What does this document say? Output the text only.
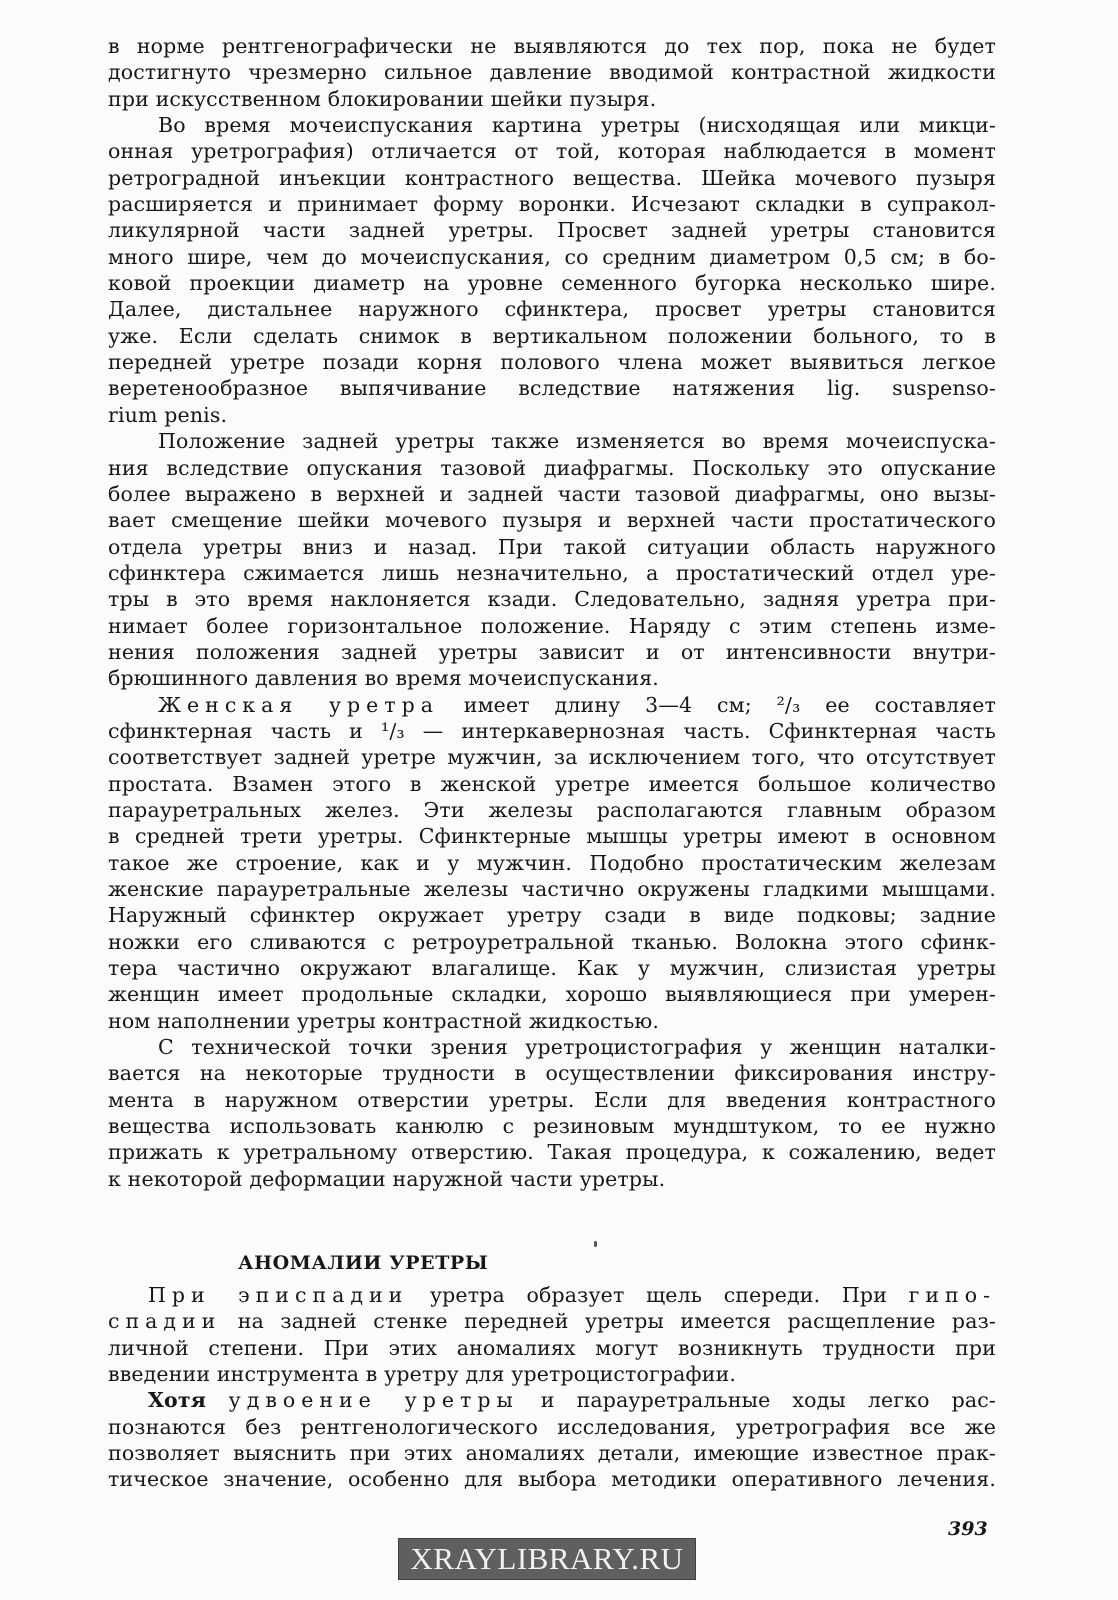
в норме рентгенографически не выявляются до тех пор, пока не будет
достигнуто чрезмерно сильное давление вводимой контрастной жидкости
при искусственном блокировании шейки пузыря.
Во время мочеиспускания картина уретры (нисходящая или микци-
онная уретрография) отличается от той, которая наблюдается в момент
ретроградной инъекции контрастного вещества. Шейка мочевого пузыря
расширяется и принимает форму воронки. Исчезают складки в супракол-
ликулярной части задней уретры. Просвет задней уретры становится
много шире, чем до мочеиспускания, со средним диаметром 0,5 см; в бо-
ковой проекции диаметр на уровне семенного бугорка несколько шире.
Далее, дистальнее наружного сфинктера, просвет уретры становится
уже. Если сделать снимок в вертикальном положении больного, то в
передней уретре позади корня полового члена может выявиться легкое
веретенообразное выпячивание вследствие натяжения lig. suspenso-
rium penis.
Положение задней уретры также изменяется во время мочеиспуска-
ния вследствие опускания тазовой диафрагмы. Поскольку это опускание
более выражено в верхней и задней части тазовой диафрагмы, оно вызы-
вает смещение шейки мочевого пузыря и верхней части простатического
отдела уретры вниз и назад. При такой ситуации область наружного
сфинктера сжимается лишь незначительно, а простатический отдел уре-
тры в это время наклоняется кзади. Следовательно, задняя уретра при-
нимает более горизонтальное положение. Наряду с этим степень изме-
нения положения задней уретры зависит и от интенсивности внутри-
брюшинного давления во время мочеиспускания.
Женская уретра имеет длину 3—4 см; ²/₃ ее составляет
сфинктерная часть и ¹/₃ — интеркавернозная часть. Сфинктерная часть
соответствует задней уретре мужчин, за исключением того, что отсутствует
простата. Взамен этого в женской уретре имеется большое количество
парауретральных желез. Эти железы располагаются главным образом
в средней трети уретры. Сфинктерные мышцы уретры имеют в основном
такое же строение, как и у мужчин. Подобно простатическим железам
женские парауретральные железы частично окружены гладкими мышцами.
Наружный сфинктер окружает уретру сзади в виде подковы; задние
ножки его сливаются с ретроуретральной тканью. Волокна этого сфинк-
тера частично окружают влагалище. Как у мужчин, слизистая уретры
женщин имеет продольные складки, хорошо выявляющиеся при умерен-
ном наполнении уретры контрастной жидкостью.
С технической точки зрения уретроцистография у женщин наталки-
вается на некоторые трудности в осуществлении фиксирования инстру-
мента в наружном отверстии уретры. Если для введения контрастного
вещества использовать канюлю с резиновым мундштуком, то ее нужно
прижать к уретральному отверстию. Такая процедура, к сожалению, ведет
к некоторой деформации наружной части уретры.
АНОМАЛИИ УРЕТРЫ
При эписпадии уретра образует щель спереди. При гипо-
спадии на задней стенке передней уретры имеется расщепление раз-
личной степени. При этих аномалиях могут возникнуть трудности при
введении инструмента в уретру для уретроцистографии.
Хотя удвоение уретры и парауретральные ходы легко рас-
познаются без рентгенологического исследования, уретрография все же
позволяет выяснить при этих аномалиях детали, имеющие известное прак-
тическое значение, особенно для выбора методики оперативного лечения.
393
XRAYLIBRARY.RU
